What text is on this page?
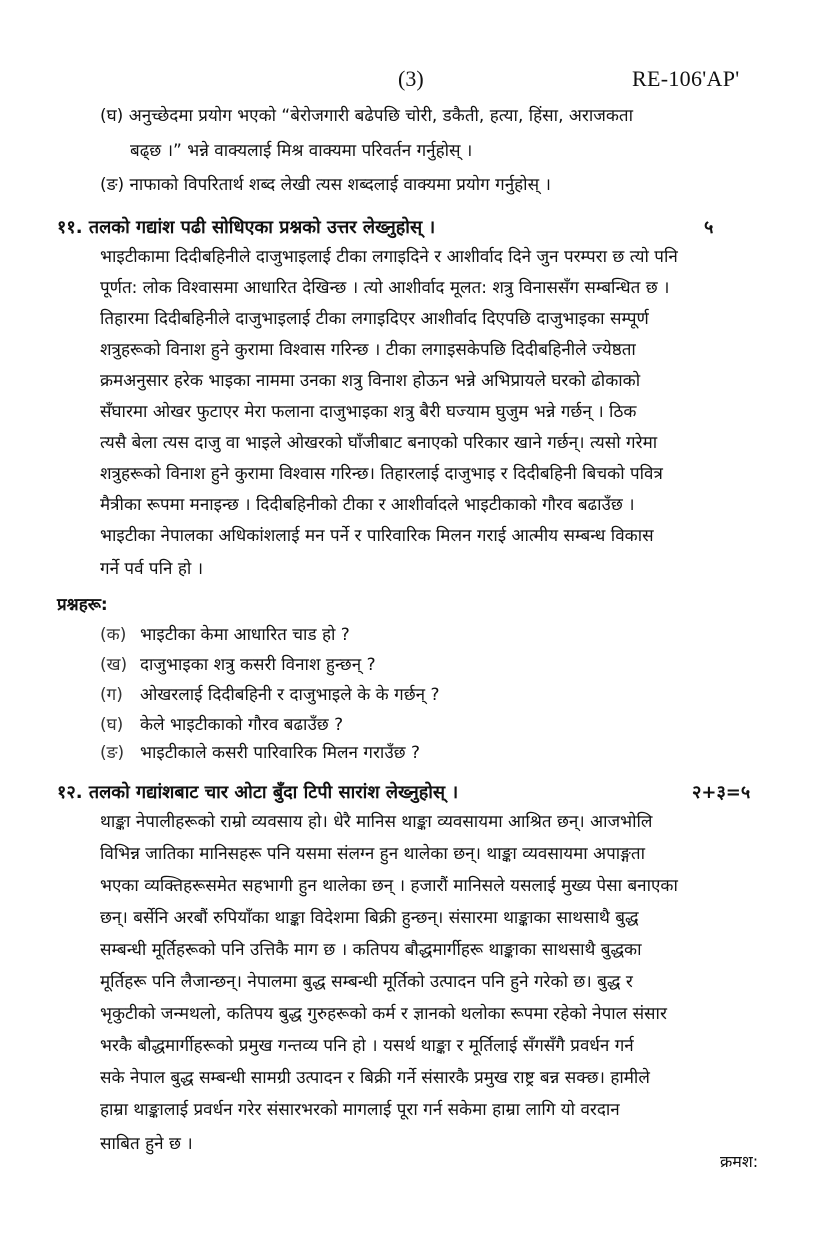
(3)	RE-106'AP'
(घ) अनुच्छेदमा प्रयोग भएको “बेरोजगारी बढेपछि चोरी, डकैती, हत्या, हिंसा, अराजकता
बढ्छ ।” भन्ने वाक्यलाई मिश्र वाक्यमा परिवर्तन गर्नुहोस् ।
(ङ) नाफाको विपरितार्थ शब्द लेखी त्यस शब्दलाई वाक्यमा प्रयोग गर्नुहोस् ।
११. तलको गद्यांश पढी सोधिएका प्रश्नको उत्तर लेख्नुहोस् ।	५
भाइटीकामा दिदीबहिनीले दाजुभाइलाई टीका लगाइदिने र आशीर्वाद दिने जुन परम्परा छ त्यो पनि
पूर्णत: लोक विश्वासमा आधारित देखिन्छ । त्यो आशीर्वाद मूलत: शत्रु विनाससँग सम्बन्धित छ ।
तिहारमा दिदीबहिनीले दाजुभाइलाई टीका लगाइदिएर आशीर्वाद दिएपछि दाजुभाइका सम्पूर्ण
शत्रुहरूको विनाश हुने कुरामा विश्वास गरिन्छ । टीका लगाइसकेपछि दिदीबहिनीले ज्येष्ठता
क्रमअनुसार हरेक भाइका नाममा उनका शत्रु विनाश होऊन भन्ने अभिप्रायले घरको ढोकाको
सँघारमा ओखर फुटाएर मेरा फलाना दाजुभाइका शत्रु बैरी घज्याम घुजुम भन्ने गर्छन् । ठिक
त्यसै बेला त्यस दाजु वा भाइले ओखरको घाँजीबाट बनाएको परिकार खाने गर्छन्। त्यसो गरेमा
शत्रुहरूको विनाश हुने कुरामा विश्वास गरिन्छ। तिहारलाई दाजुभाइ र दिदीबहिनी बिचको पवित्र
मैत्रीका रूपमा मनाइन्छ । दिदीबहिनीको टीका र आशीर्वादले भाइटीकाको गौरव बढाउँछ ।
भाइटीका नेपालका अधिकांशलाई मन पर्ने र पारिवारिक मिलन गराई आत्मीय सम्बन्ध विकास
गर्ने पर्व पनि हो ।
प्रश्नहरू:
(क) भाइटीका केमा आधारित चाड हो ?
(ख) दाजुभाइका शत्रु कसरी विनाश हुन्छन् ?
(ग) ओखरलाई दिदीबहिनी र दाजुभाइले के के गर्छन् ?
(घ) केले भाइटीकाको गौरव बढाउँछ ?
(ङ) भाइटीकाले कसरी पारिवारिक मिलन गराउँछ ?
१२. तलको गद्यांशबाट चार ओटा बुँदा टिपी सारांश लेख्नुहोस् ।	२+३=५
थाङ्का नेपालीहरूको राम्रो व्यवसाय हो। धेरै मानिस थाङ्का व्यवसायमा आश्रित छन्। आजभोलि
विभिन्न जातिका मानिसहरू पनि यसमा संलग्न हुन थालेका छन्। थाङ्का व्यवसायमा अपाङ्गता
भएका व्यक्तिहरूसमेत सहभागी हुन थालेका छन् । हजारौं मानिसले यसलाई मुख्य पेसा बनाएका
छन्। बर्सेनि अरबौं रुपियाँका थाङ्का विदेशमा बिक्री हुन्छन्। संसारमा थाङ्काका साथसाथै बुद्ध
सम्बन्धी मूर्तिहरूको पनि उत्तिकै माग छ । कतिपय बौद्धमार्गीहरू थाङ्काका साथसाथै बुद्धका
मूर्तिहरू पनि लैजान्छन्। नेपालमा बुद्ध सम्बन्धी मूर्तिको उत्पादन पनि हुने गरेको छ। बुद्ध र
भृकुटीको जन्मथलो, कतिपय बुद्ध गुरुहरूको कर्म र ज्ञानको थलोका रूपमा रहेको नेपाल संसार
भरकै बौद्धमार्गीहरूको प्रमुख गन्तव्य पनि हो । यसर्थ थाङ्का र मूर्तिलाई सँगसँगै प्रवर्धन गर्न
सके नेपाल बुद्ध सम्बन्धी सामग्री उत्पादन र बिक्री गर्ने संसारकै प्रमुख राष्ट्र बन्न सक्छ। हामीले
हाम्रा थाङ्कालाई प्रवर्धन गरेर संसारभरको मागलाई पूरा गर्न सकेमा हाम्रा लागि यो वरदान
साबित हुने छ ।
क्रमश:
